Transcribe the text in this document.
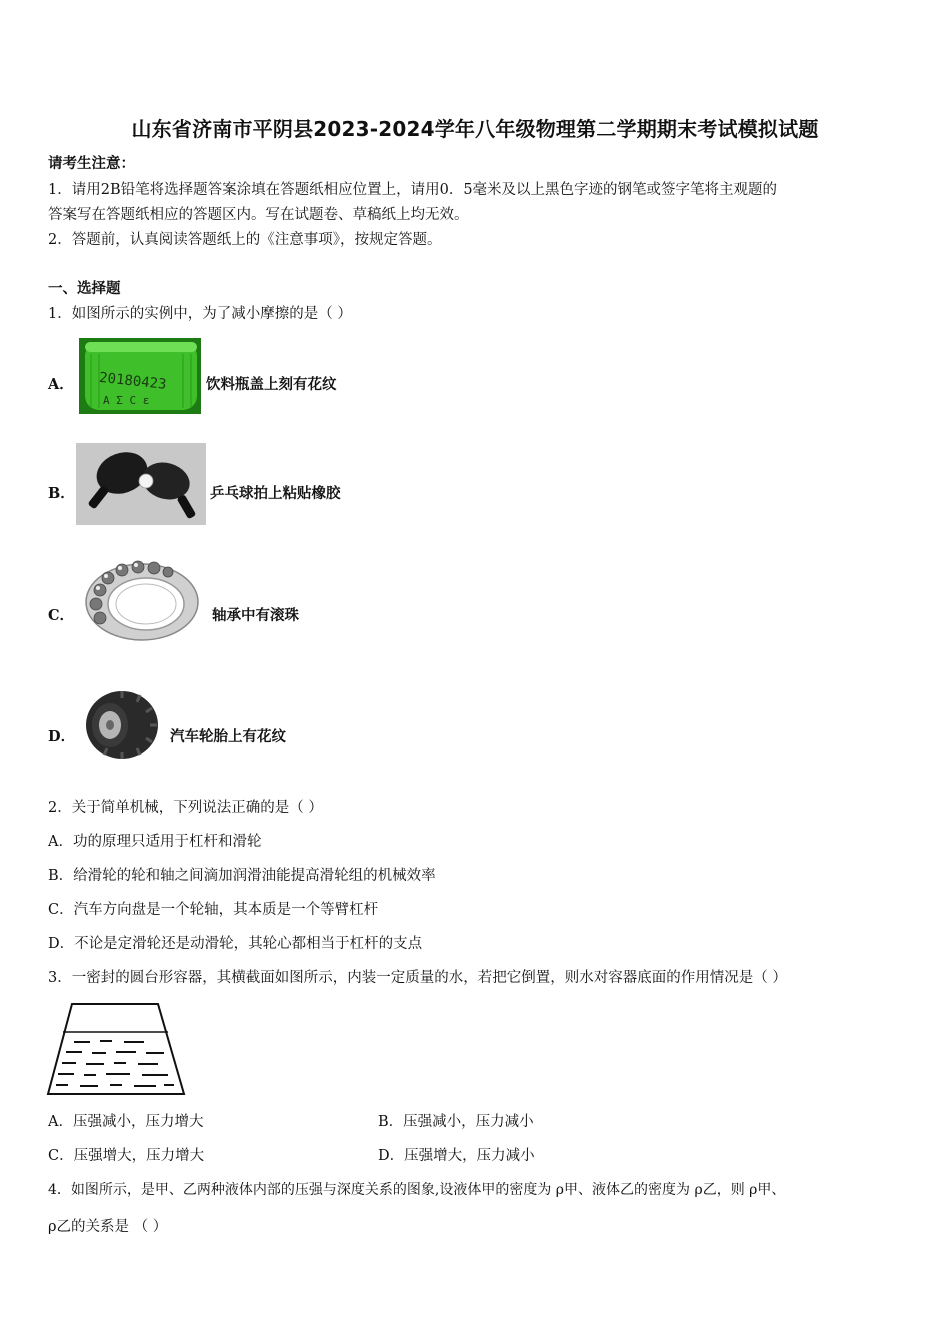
山东省济南市平阴县2023-2024学年八年级物理第二学期期末考试模拟试题
请考生注意：
1．请用2B铅笔将选择题答案涂填在答题纸相应位置上，请用0．5毫米及以上黑色字迹的钢笔或签字笔将主观题的
答案写在答题纸相应的答题区内。写在试题卷、草稿纸上均无效。
2．答题前，认真阅读答题纸上的《注意事项》，按规定答题。
一、选择题
1．如图所示的实例中，为了减小摩擦的是（ ）
A． 20180423
A Σ C ε
饮料瓶盖上刻有花纹
B．	乒乓球拍上粘贴橡胶
C．	轴承中有滚珠
D．	汽车轮胎上有花纹
2．关于简单机械，下列说法正确的是（ ）
A．功的原理只适用于杠杆和滑轮
B．给滑轮的轮和轴之间滴加润滑油能提高滑轮组的机械效率
C．汽车方向盘是一个轮轴，其本质是一个等臂杠杆
D．不论是定滑轮还是动滑轮，其轮心都相当于杠杆的支点
3．一密封的圆台形容器，其横截面如图所示，内装一定质量的水，若把它倒置，则水对容器底面的作用情况是（ ）
A．压强减小，压力增大	B．压强减小，压力减小
C．压强增大，压力增大	D．压强增大，压力减小
4．如图所示，是甲、乙两种液体内部的压强与深度关系的图象,设液体甲的密度为 ρ甲、液体乙的密度为 ρ乙，则 ρ甲、
ρ乙的关系是 （ ）
